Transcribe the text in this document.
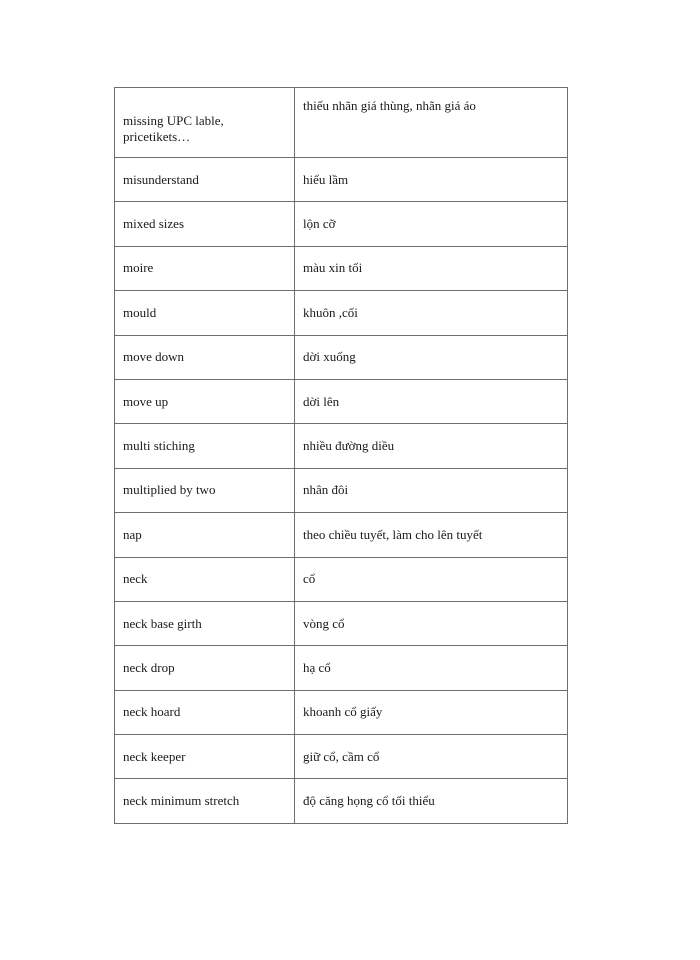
missing UPC lable, pricetikets…	thiếu nhãn giá thùng, nhãn giá áo
misunderstand	hiểu lầm
mixed sizes	lộn cỡ
moire	màu xin tối
mould	khuôn ,cối
move down	dời xuống
move up	dời lên
multi stiching	nhiều đường diều
multiplied by two	nhân đôi
nap	theo chiều tuyết, làm cho lên tuyết
neck	cổ
neck base girth	vòng cổ
neck drop	hạ cổ
neck hoard	khoanh cổ giấy
neck keeper	giữ cổ, cầm cổ
neck minimum stretch	độ căng họng cổ tối thiểu
